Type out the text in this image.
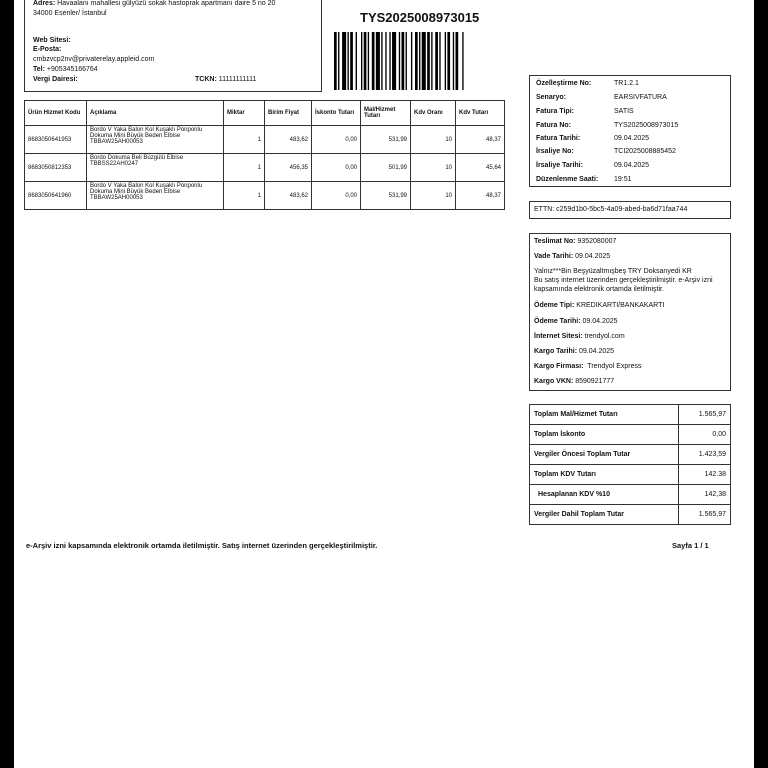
Adres: Havaalanı mahallesi gülyüzü sokak hastoprak apartmanı daire 5 no 20
34000 Esenler/ İstanbul
Web Sitesi:
E-Posta:
cmbzvcp2nv@privaterelay.appleid.com
Tel: +905345166764
Vergi Dairesi:	TCKN: 11111111111
TYS2025008973015
Özelleştirme No:	TR1.2.1
Senaryo:	EARSIVFATURA
Fatura Tipi:	SATIS
Fatura No:	TYS2025008973015
Fatura Tarihi:	09.04.2025
İrsaliye No:	TCI2025008885452
İrsaliye Tarihi:	09.04.2025
Düzenlenme Saati: 19:51
ETTN: c259d1b0-5bc5-4a09-abed-ba6d71faa744
Ürün Hizmet Kodu	Açıklama	Miktar	Birim Fiyat	İskonto Tutarı	Mal/Hizmet Tutarı	Kdv Oranı	Kdv Tutarı
8683050641953	Bordo V Yaka Balon Kol Kuşaklı Ponponlu
Dokuma Mini Büyük Beden Elbise
TBBAW25AH00053	1	483,62	0,00	531,99	10	48,37
8683050812353	Bordo Dokuma Beli Büzgülü Elbise
TBBSS22AH0247	1	456,35	0,00	501,99	10	45,64
8683050641960	Bordo V Yaka Balon Kol Kuşaklı Ponponlu
Dokuma Mini Büyük Beden Elbise
TBBAW25AH00053	1	483,62	0,00	531,99	10	48,37
Teslimat No: 9352080007
Vade Tarihi: 09.04.2025
Yalnız***Bin Beşyüzaltmışbeş TRY Doksanyedi KR
Bu satış internet üzerinden gerçekleştirilmiştir. e-Arşiv izni
kapsamında elektronik ortamda iletilmiştir.
Ödeme Tipi: KREDIKARTI/BANKAKARTI
Ödeme Tarihi: 09.04.2025
İnternet Sitesi: trendyol.com
Kargo Tarihi: 09.04.2025
Kargo Firması: Trendyol Express
Kargo VKN: 8590921777
Toplam Mal/Hizmet Tutarı	1.565,97
Toplam İskonto	0,00
Vergiler Öncesi Toplam Tutar	1.423,59
Toplam KDV Tutarı	142.38
Hesaplanan KDV %10	142,38
Vergiler Dahil Toplam Tutar	1.565,97
e-Arşiv izni kapsamında elektronik ortamda iletilmiştir. Satış internet üzerinden gerçekleştirilmiştir.	Sayfa 1 / 1
